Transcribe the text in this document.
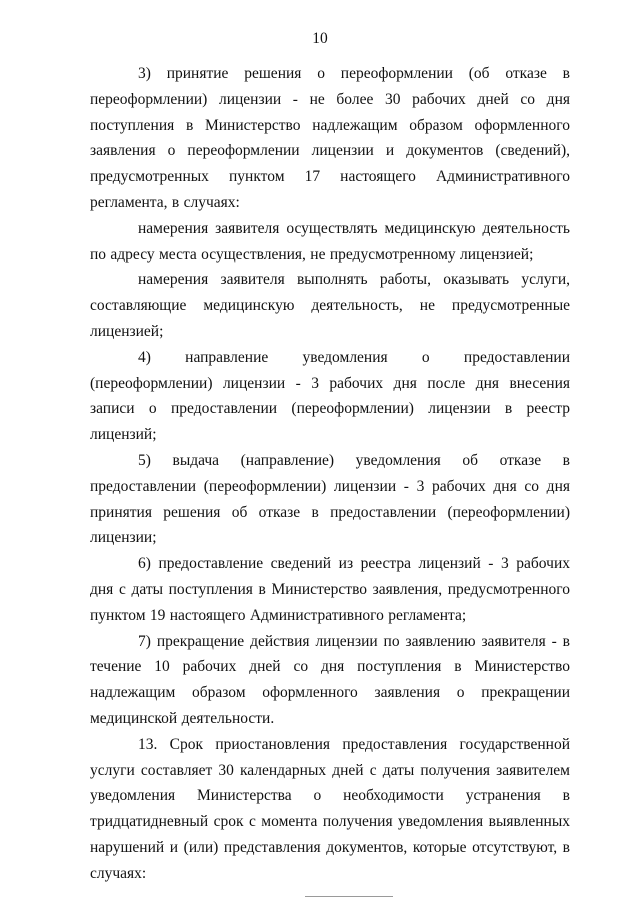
10

3) принятие решения о переоформлении (об отказе в переоформлении) лицензии - не более 30 рабочих дней со дня поступления в Министерство надлежащим образом оформленного заявления о переоформлении лицензии и документов (сведений), предусмотренных пунктом 17 настоящего Административного регламента, в случаях:

намерения заявителя осуществлять медицинскую деятельность по адресу места осуществления, не предусмотренному лицензией;

намерения заявителя выполнять работы, оказывать услуги, составляющие медицинскую деятельность, не предусмотренные лицензией;

4) направление уведомления о предоставлении (переоформлении) лицензии - 3 рабочих дня после дня внесения записи о предоставлении (переоформлении) лицензии в реестр лицензий;

5) выдача (направление) уведомления об отказе в предоставлении (переоформлении) лицензии - 3 рабочих дня со дня принятия решения об отказе в предоставлении (переоформлении) лицензии;

6) предоставление сведений из реестра лицензий - 3 рабочих дня с даты поступления в Министерство заявления, предусмотренного пунктом 19 настоящего Административного регламента;

7) прекращение действия лицензии по заявлению заявителя - в течение 10 рабочих дней со дня поступления в Министерство надлежащим образом оформленного заявления о прекращении медицинской деятельности.

13. Срок приостановления предоставления государственной услуги составляет 30 календарных дней с даты получения заявителем уведомления Министерства о необходимости устранения в тридцатидневный срок с момента получения уведомления выявленных нарушений и (или) представления документов, которые отсутствуют, в случаях:
